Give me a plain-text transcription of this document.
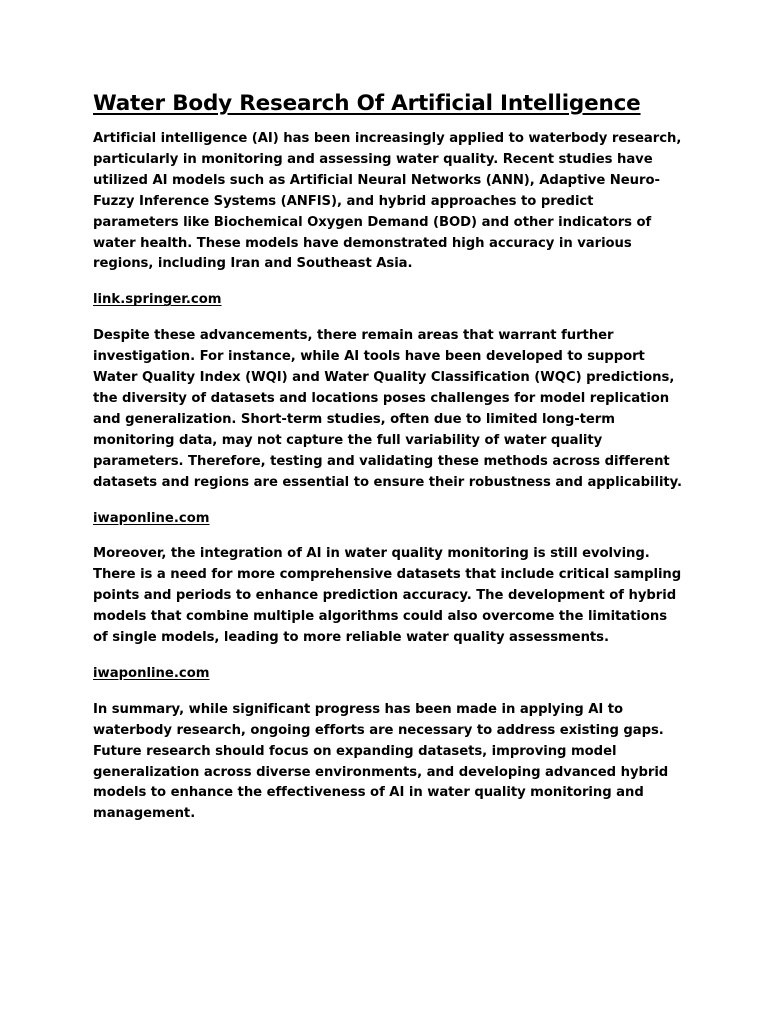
Water Body Research Of Artificial Intelligence

Artificial intelligence (AI) has been increasingly applied to waterbody research, particularly in monitoring and assessing water quality. Recent studies have utilized AI models such as Artificial Neural Networks (ANN), Adaptive Neuro-Fuzzy Inference Systems (ANFIS), and hybrid approaches to predict parameters like Biochemical Oxygen Demand (BOD) and other indicators of water health. These models have demonstrated high accuracy in various regions, including Iran and Southeast Asia.

link.springer.com

Despite these advancements, there remain areas that warrant further investigation. For instance, while AI tools have been developed to support Water Quality Index (WQI) and Water Quality Classification (WQC) predictions, the diversity of datasets and locations poses challenges for model replication and generalization. Short-term studies, often due to limited long-term monitoring data, may not capture the full variability of water quality parameters. Therefore, testing and validating these methods across different datasets and regions are essential to ensure their robustness and applicability.

iwaponline.com

Moreover, the integration of AI in water quality monitoring is still evolving. There is a need for more comprehensive datasets that include critical sampling points and periods to enhance prediction accuracy. The development of hybrid models that combine multiple algorithms could also overcome the limitations of single models, leading to more reliable water quality assessments.

iwaponline.com

In summary, while significant progress has been made in applying AI to waterbody research, ongoing efforts are necessary to address existing gaps. Future research should focus on expanding datasets, improving model generalization across diverse environments, and developing advanced hybrid models to enhance the effectiveness of AI in water quality monitoring and management.
